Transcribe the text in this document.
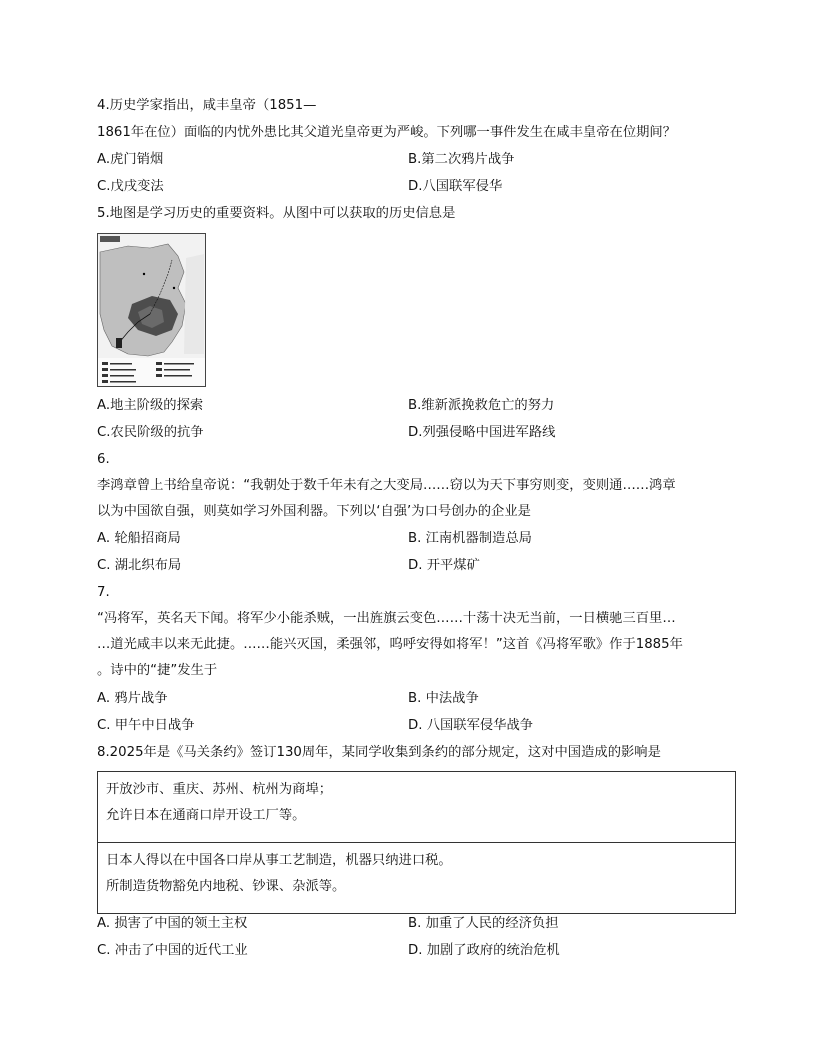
4.历史学家指出，咸丰皇帝（1851—
1861年在位）面临的内忧外患比其父道光皇帝更为严峻。下列哪一事件发生在咸丰皇帝在位期间？
A.虎门销烟	B.第二次鸦片战争
C.戊戌变法	D.八国联军侵华
5.地图是学习历史的重要资料。从图中可以获取的历史信息是
A.地主阶级的探索	B.维新派挽救危亡的努力
C.农民阶级的抗争	D.列强侵略中国进军路线
6.
李鸿章曾上书给皇帝说：“我朝处于数千年未有之大变局……窃以为天下事穷则变，变则通……鸿章
以为中国欲自强，则莫如学习外国利器。下列以‘自强’为口号创办的企业是
A. 轮船招商局	B. 江南机器制造总局
C. 湖北织布局	D. 开平煤矿
7.
“冯将军，英名天下闻。将军少小能杀贼，一出旌旗云变色……十荡十决无当前，一日横驰三百里…
…道光咸丰以来无此捷。……能兴灭国，柔强邻，呜呼安得如将军！”这首《冯将军歌》作于1885年
。诗中的“捷”发生于
A. 鸦片战争	B. 中法战争
C. 甲午中日战争	D. 八国联军侵华战争
8.2025年是《马关条约》签订130周年，某同学收集到条约的部分规定，这对中国造成的影响是
开放沙市、重庆、苏州、杭州为商埠；
允许日本在通商口岸开设工厂等。
日本人得以在中国各口岸从事工艺制造，机器只纳进口税。
所制造货物豁免内地税、钞课、杂派等。
A. 损害了中国的领土主权	B. 加重了人民的经济负担
C. 冲击了中国的近代工业	D. 加剧了政府的统治危机
